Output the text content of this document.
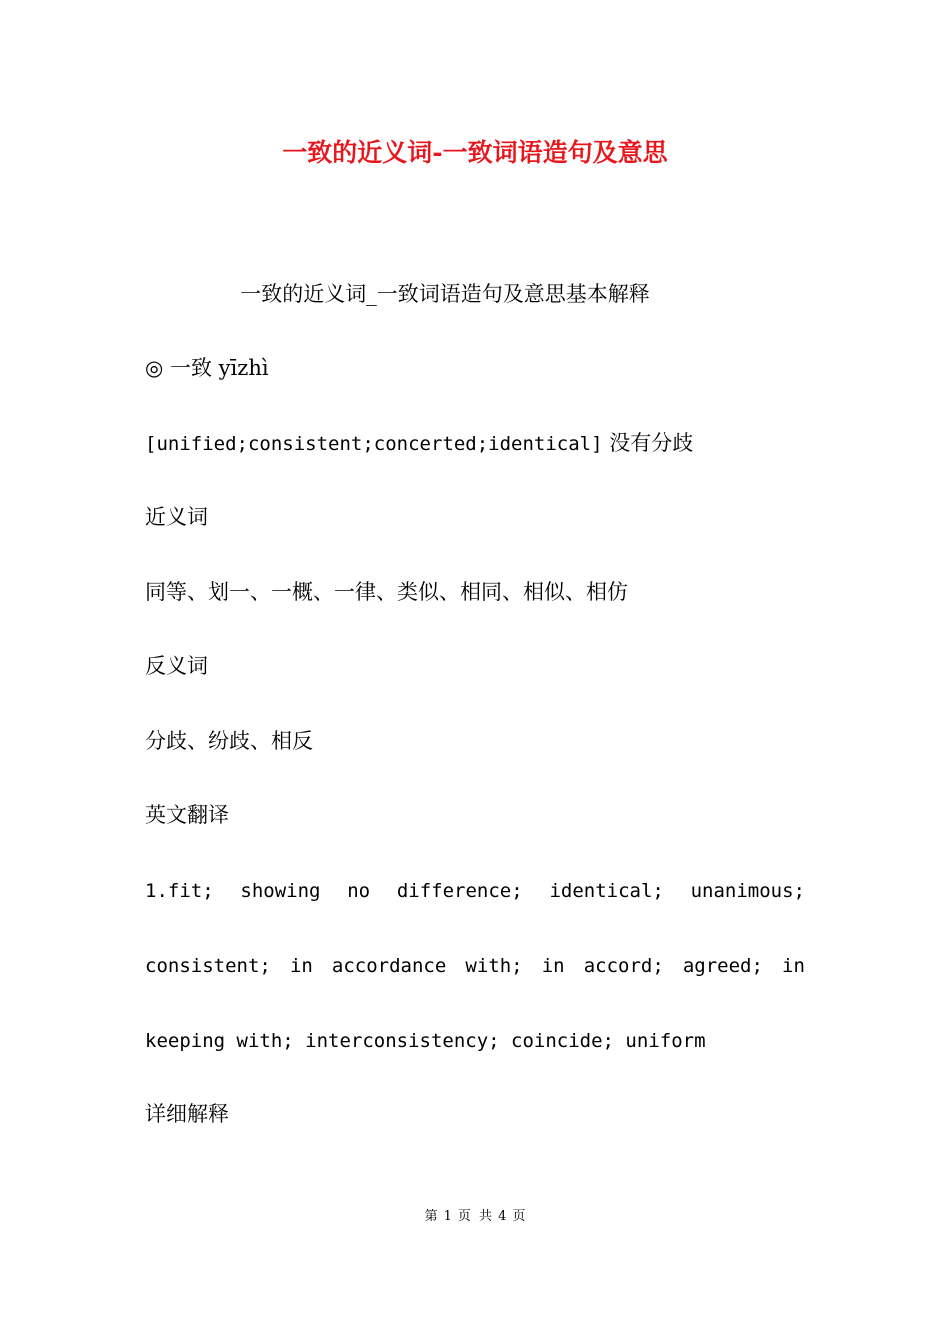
一致的近义词-一致词语造句及意思
一致的近义词_一致词语造句及意思基本解释
◎ 一致 yīzhì
[unified;consistent;concerted;identical] 没有分歧
近义词
同等、划一、一概、一律、类似、相同、相似、相仿
反义词
分歧、纷歧、相反
英文翻译
1.fit; showing no difference; identical; unanimous;
consistent; in accordance with; in accord; agreed; in
keeping with; interconsistency; coincide; uniform
详细解释
第 1 页 共 4 页
